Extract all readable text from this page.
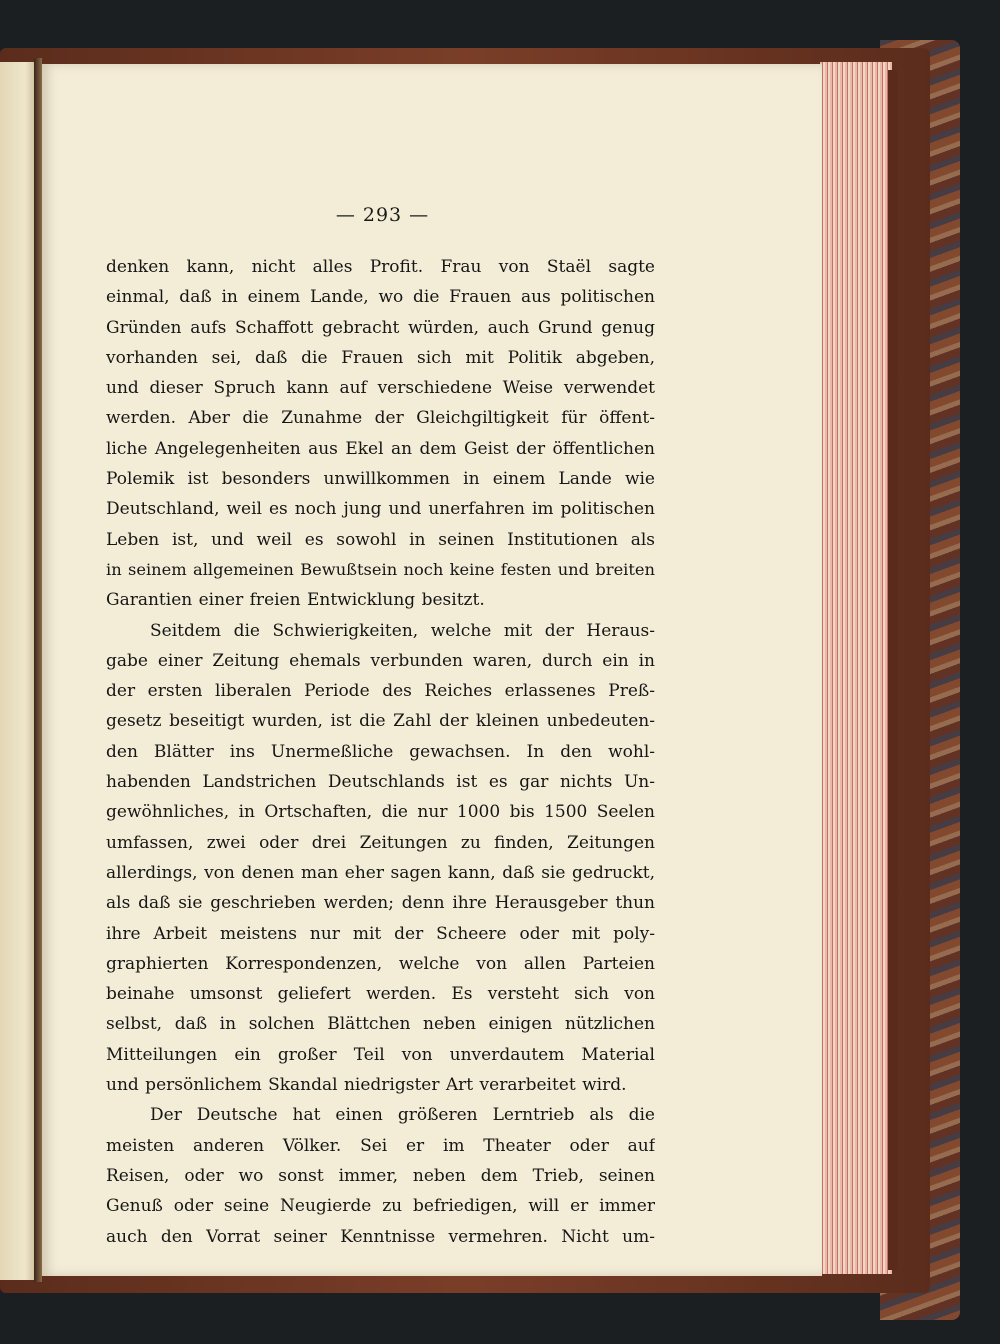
— 293 —
denken kann, nicht alles Profit. Frau von Staël sagte
einmal, daß in einem Lande, wo die Frauen aus politischen
Gründen aufs Schaffott gebracht würden, auch Grund genug
vorhanden sei, daß die Frauen sich mit Politik abgeben,
und dieser Spruch kann auf verschiedene Weise verwendet
werden. Aber die Zunahme der Gleichgiltigkeit für öffent-
liche Angelegenheiten aus Ekel an dem Geist der öffentlichen
Polemik ist besonders unwillkommen in einem Lande wie
Deutschland, weil es noch jung und unerfahren im politischen
Leben ist, und weil es sowohl in seinen Institutionen als
in seinem allgemeinen Bewußtsein noch keine festen und breiten
Garantien einer freien Entwicklung besitzt.
Seitdem die Schwierigkeiten, welche mit der Heraus-
gabe einer Zeitung ehemals verbunden waren, durch ein in
der ersten liberalen Periode des Reiches erlassenes Preß-
gesetz beseitigt wurden, ist die Zahl der kleinen unbedeuten-
den Blätter ins Unermeßliche gewachsen. In den wohl-
habenden Landstrichen Deutschlands ist es gar nichts Un-
gewöhnliches, in Ortschaften, die nur 1000 bis 1500 Seelen
umfassen, zwei oder drei Zeitungen zu finden, Zeitungen
allerdings, von denen man eher sagen kann, daß sie gedruckt,
als daß sie geschrieben werden; denn ihre Herausgeber thun
ihre Arbeit meistens nur mit der Scheere oder mit poly-
graphierten Korrespondenzen, welche von allen Parteien
beinahe umsonst geliefert werden. Es versteht sich von
selbst, daß in solchen Blättchen neben einigen nützlichen
Mitteilungen ein großer Teil von unverdautem Material
und persönlichem Skandal niedrigster Art verarbeitet wird.
Der Deutsche hat einen größeren Lerntrieb als die
meisten anderen Völker. Sei er im Theater oder auf
Reisen, oder wo sonst immer, neben dem Trieb, seinen
Genuß oder seine Neugierde zu befriedigen, will er immer
auch den Vorrat seiner Kenntnisse vermehren. Nicht um-
